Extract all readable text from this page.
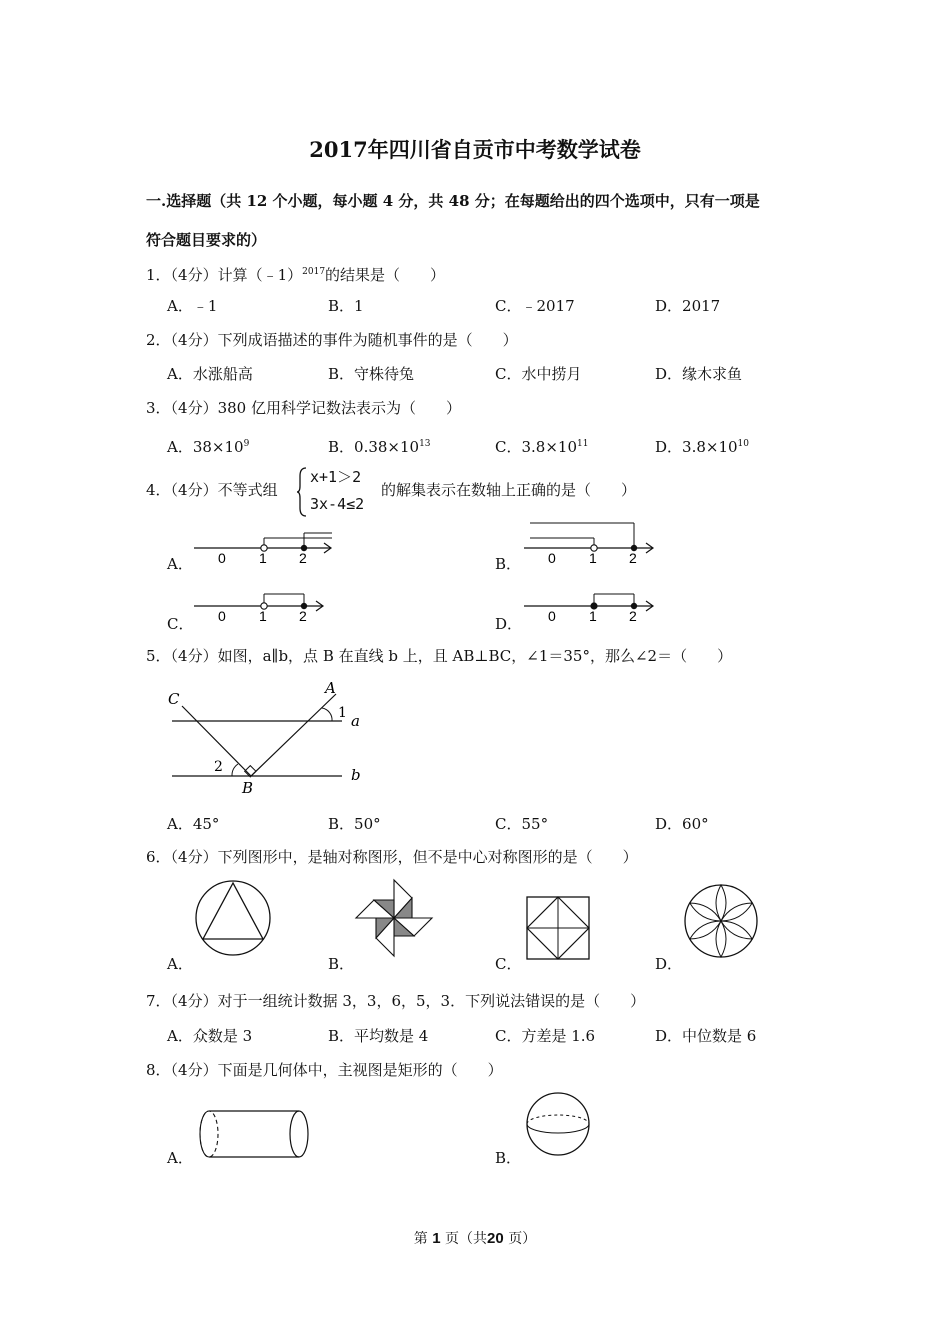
2017年四川省自贡市中考数学试卷
一.选择题（共 12 个小题，每小题 4 分，共 48 分；在每题给出的四个选项中，只有一项是
符合题目要求的）
1．（4分）计算（﹣1）$^{2017}$的结果是（　　）
A．﹣1	B．1	C．﹣2017	D．2017
2．（4分）下列成语描述的事件为随机事件的是（　　）
A．水涨船高	B．守株待兔	C．水中捞月	D．缘木求鱼
3．（4分）380 亿用科学记数法表示为（　　）
A．$38\times 10^9$	B．$0.38\times 10^{13}$	C．$3.8\times 10^{11}$	D．$3.8\times 10^{10}$
4．（4分）不等式组
x+1＞2
3x-4≤2
的解集表示在数轴上正确的是（　　）
A． 0 1 2	B． 0 1 2
C． 0 1 2	D． 0 1 2
5．（4分）如图，a∥b，点 B 在直线 b 上，且 AB⊥BC，∠1＝35°，那么∠2＝（　　）
C
A
a
b
B
1
2
A．45°	B．50°	C．55°	D．60°
6．（4分）下列图形中，是轴对称图形，但不是中心对称图形的是（　　）
A．	B．	C．	D．
7．（4分）对于一组统计数据 3，3，6，5，3．下列说法错误的是（　　）
A．众数是 3	B．平均数是 4	C．方差是 1.6	D．中位数是 6
8．（4分）下面是几何体中，主视图是矩形的（　　）
A．	B．
第 1 页（共20 页）
